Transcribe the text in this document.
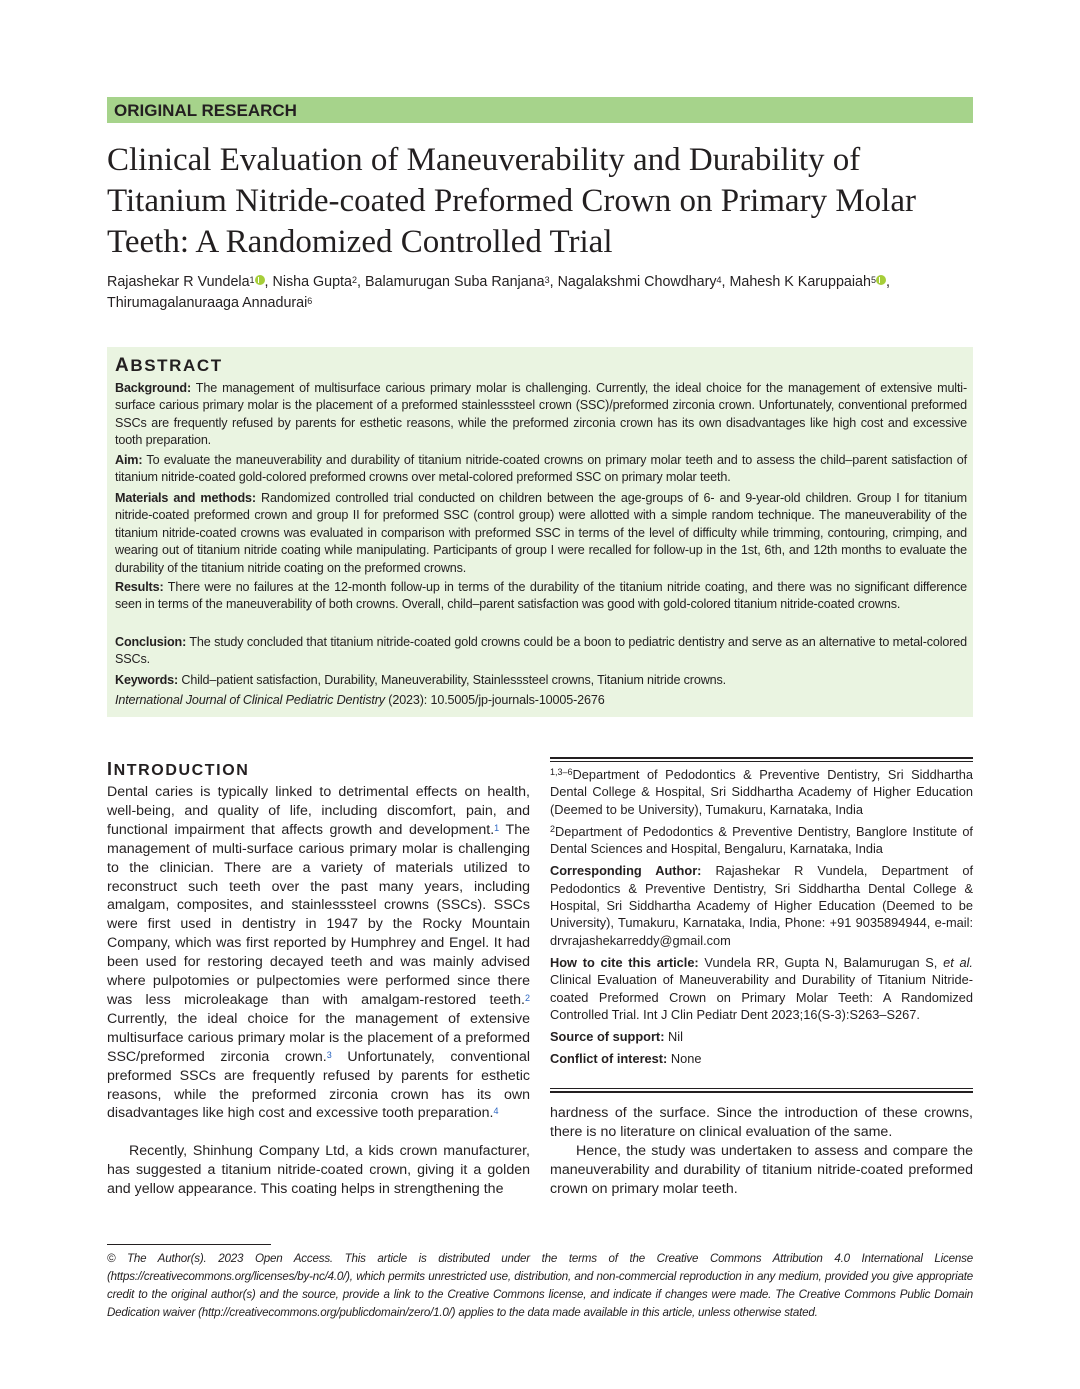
ORIGINAL RESEARCH
Clinical Evaluation of Maneuverability and Durability of Titanium Nitride-coated Preformed Crown on Primary Molar Teeth: A Randomized Controlled Trial
Rajashekar R Vundela$^1$ , Nisha Gupta$^2$, Balamurugan Suba Ranjana$^3$, Nagalakshmi Chowdhary$^4$, Mahesh K Karuppaiah$^5$ ,
Thirumagalanuraaga Annadurai$^6$
ABSTRACT
Background: The management of multisurface carious primary molar is challenging. Currently, the ideal choice for the management of extensive multi-surface carious primary molar is the placement of a preformed stainlesssteel crown (SSC)/preformed zirconia crown. Unfortunately, conventional preformed SSCs are frequently refused by parents for esthetic reasons, while the preformed zirconia crown has its own disadvantages like high cost and excessive tooth preparation.
Aim: To evaluate the maneuverability and durability of titanium nitride-coated crowns on primary molar teeth and to assess the child–parent satisfaction of titanium nitride-coated gold-colored preformed crowns over metal-colored preformed SSC on primary molar teeth.
Materials and methods: Randomized controlled trial conducted on children between the age-groups of 6- and 9-year-old children. Group I for titanium nitride-coated preformed crown and group II for preformed SSC (control group) were allotted with a simple random technique. The maneuverability of the titanium nitride-coated crowns was evaluated in comparison with preformed SSC in terms of the level of difficulty while trimming, contouring, crimping, and wearing out of titanium nitride coating while manipulating. Participants of group I were recalled for follow-up in the 1st, 6th, and 12th months to evaluate the durability of the titanium nitride coating on the preformed crowns.
Results: There were no failures at the 12-month follow-up in terms of the durability of the titanium nitride coating, and there was no significant difference seen in terms of the maneuverability of both crowns. Overall, child–parent satisfaction was good with gold-colored titanium nitride-coated crowns.
Conclusion: The study concluded that titanium nitride-coated gold crowns could be a boon to pediatric dentistry and serve as an alternative to metal-colored SSCs.
Keywords: Child–patient satisfaction, Durability, Maneuverability, Stainlesssteel crowns, Titanium nitride crowns.
International Journal of Clinical Pediatric Dentistry (2023): 10.5005/jp-journals-10005-2676
INTRODUCTION
Dental caries is typically linked to detrimental effects on health, well-being, and quality of life, including discomfort, pain, and functional impairment that affects growth and development.$^1$ The management of multi-surface carious primary molar is challenging to the clinician. There are a variety of materials utilized to reconstruct such teeth over the past many years, including amalgam, composites, and stainlesssteel crowns (SSCs). SSCs were first used in dentistry in 1947 by the Rocky Mountain Company, which was first reported by Humphrey and Engel. It had been used for restoring decayed teeth and was mainly advised where pulpotomies or pulpectomies were performed since there was less microleakage than with amalgam-restored teeth.$^2$ Currently, the ideal choice for the management of extensive multisurface carious primary molar is the placement of a preformed SSC/preformed zirconia crown.$^3$ Unfortunately, conventional preformed SSCs are frequently refused by parents for esthetic reasons, while the preformed zirconia crown has its own disadvantages like high cost and excessive tooth preparation.$^4$
Recently, Shinhung Company Ltd, a kids crown manufacturer, has suggested a titanium nitride-coated crown, giving it a golden and yellow appearance. This coating helps in strengthening the

$^{1,3-6}$Department of Pedodontics & Preventive Dentistry, Sri Siddhartha Dental College & Hospital, Sri Siddhartha Academy of Higher Education (Deemed to be University), Tumakuru, Karnataka, India

$^2$Department of Pedodontics & Preventive Dentistry, Banglore Institute of Dental Sciences and Hospital, Bengaluru, Karnataka, India

Corresponding Author: Rajashekar R Vundela, Department of Pedodontics & Preventive Dentistry, Sri Siddhartha Dental College & Hospital, Sri Siddhartha Academy of Higher Education (Deemed to be University), Tumakuru, Karnataka, India, Phone: +91 9035894944, e-mail: drvrajashekarreddy@gmail.com

How to cite this article: Vundela RR, Gupta N, Balamurugan S, et al. Clinical Evaluation of Maneuverability and Durability of Titanium Nitride-coated Preformed Crown on Primary Molar Teeth: A Randomized Controlled Trial. Int J Clin Pediatr Dent 2023;16(S-3):S263–S267.

Source of support: Nil

Conflict of interest: None

hardness of the surface. Since the introduction of these crowns, there is no literature on clinical evaluation of the same.
Hence, the study was undertaken to assess and compare the maneuverability and durability of titanium nitride-coated preformed crown on primary molar teeth.
© The Author(s). 2023 Open Access. This article is distributed under the terms of the Creative Commons Attribution 4.0 International License (https://creativecommons.org/licenses/by-nc/4.0/), which permits unrestricted use, distribution, and non-commercial reproduction in any medium, provided you give appropriate credit to the original author(s) and the source, provide a link to the Creative Commons license, and indicate if changes were made. The Creative Commons Public Domain Dedication waiver (http://creativecommons.org/publicdomain/zero/1.0/) applies to the data made available in this article, unless otherwise stated.
